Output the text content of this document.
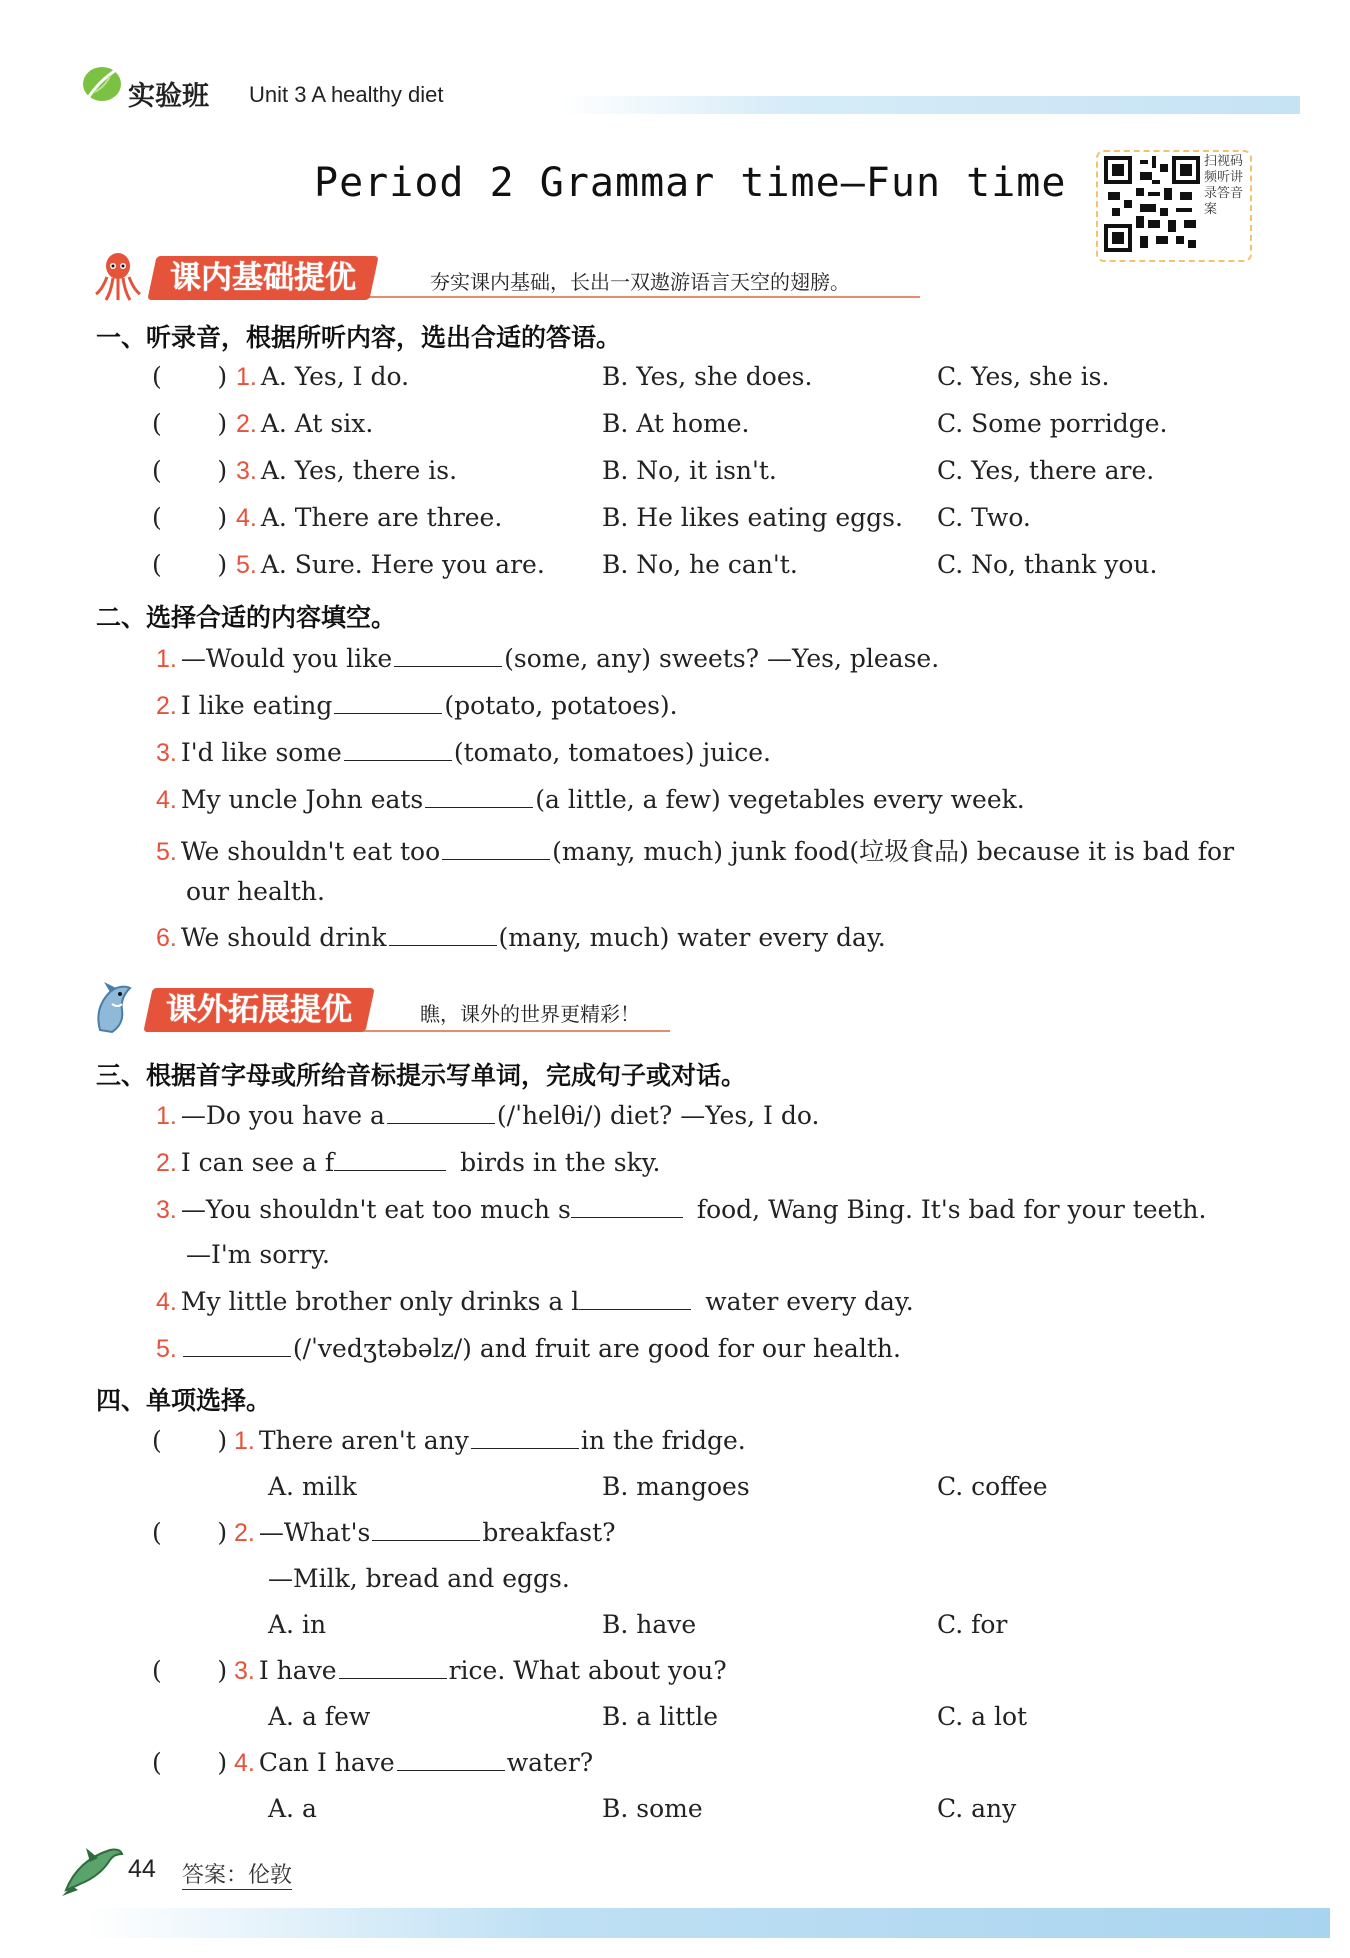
实验班 Unit 3 A healthy diet
Period 2 Grammar time—Fun time	扫视码频听讲录答音案
课内基础提优	夯实课内基础，长出一双遨游语言天空的翅膀。
一、听录音，根据所听内容，选出合适的答语。
(       ) 1. A. Yes, I do.	B. Yes, she does.	C. Yes, she is.
(       ) 2. A. At six.	B. At home.	C. Some porridge.
(       ) 3. A. Yes, there is.	B. No, it isn't.	C. Yes, there are.
(       ) 4. A. There are three.	B. He likes eating eggs. C. Two.
(       ) 5. A. Sure. Here you are. B. No, he can't.	C. No, thank you.
二、选择合适的内容填空。
1. —Would you like	(some, any) sweets? —Yes, please.
2. I like eating	(potato, potatoes).
3. I'd like some	(tomato, tomatoes) juice.
4. My uncle John eats	(a little, a few) vegetables every week.
5. We shouldn't eat too	(many, much) junk food(垃圾食品) because it is bad for
our health.
6. We should drink	(many, much) water every day.
课外拓展提优	瞧，课外的世界更精彩！
三、根据首字母或所给音标提示写单词，完成句子或对话。
1. —Do you have a	(/ˈhelθi/) diet? —Yes, I do.
2. I can see a f	birds in the sky.
3. —You shouldn't eat too much s	food, Wang Bing. It's bad for your teeth.
—I'm sorry.
4. My little brother only drinks a l	water every day.
5.	(/ˈvedʒtəbəlz/) and fruit are good for our health.
四、单项选择。
(       ) 1. There aren't any	in the fridge.
A. milk	B. mangoes	C. coffee
(       ) 2. —What's	breakfast?
—Milk, bread and eggs.
A. in	B. have	C. for
(       ) 3. I have	rice. What about you?
A. a few	B. a little	C. a lot
(       ) 4. Can I have	water?
A. a	B. some	C. any
44 答案：伦敦
